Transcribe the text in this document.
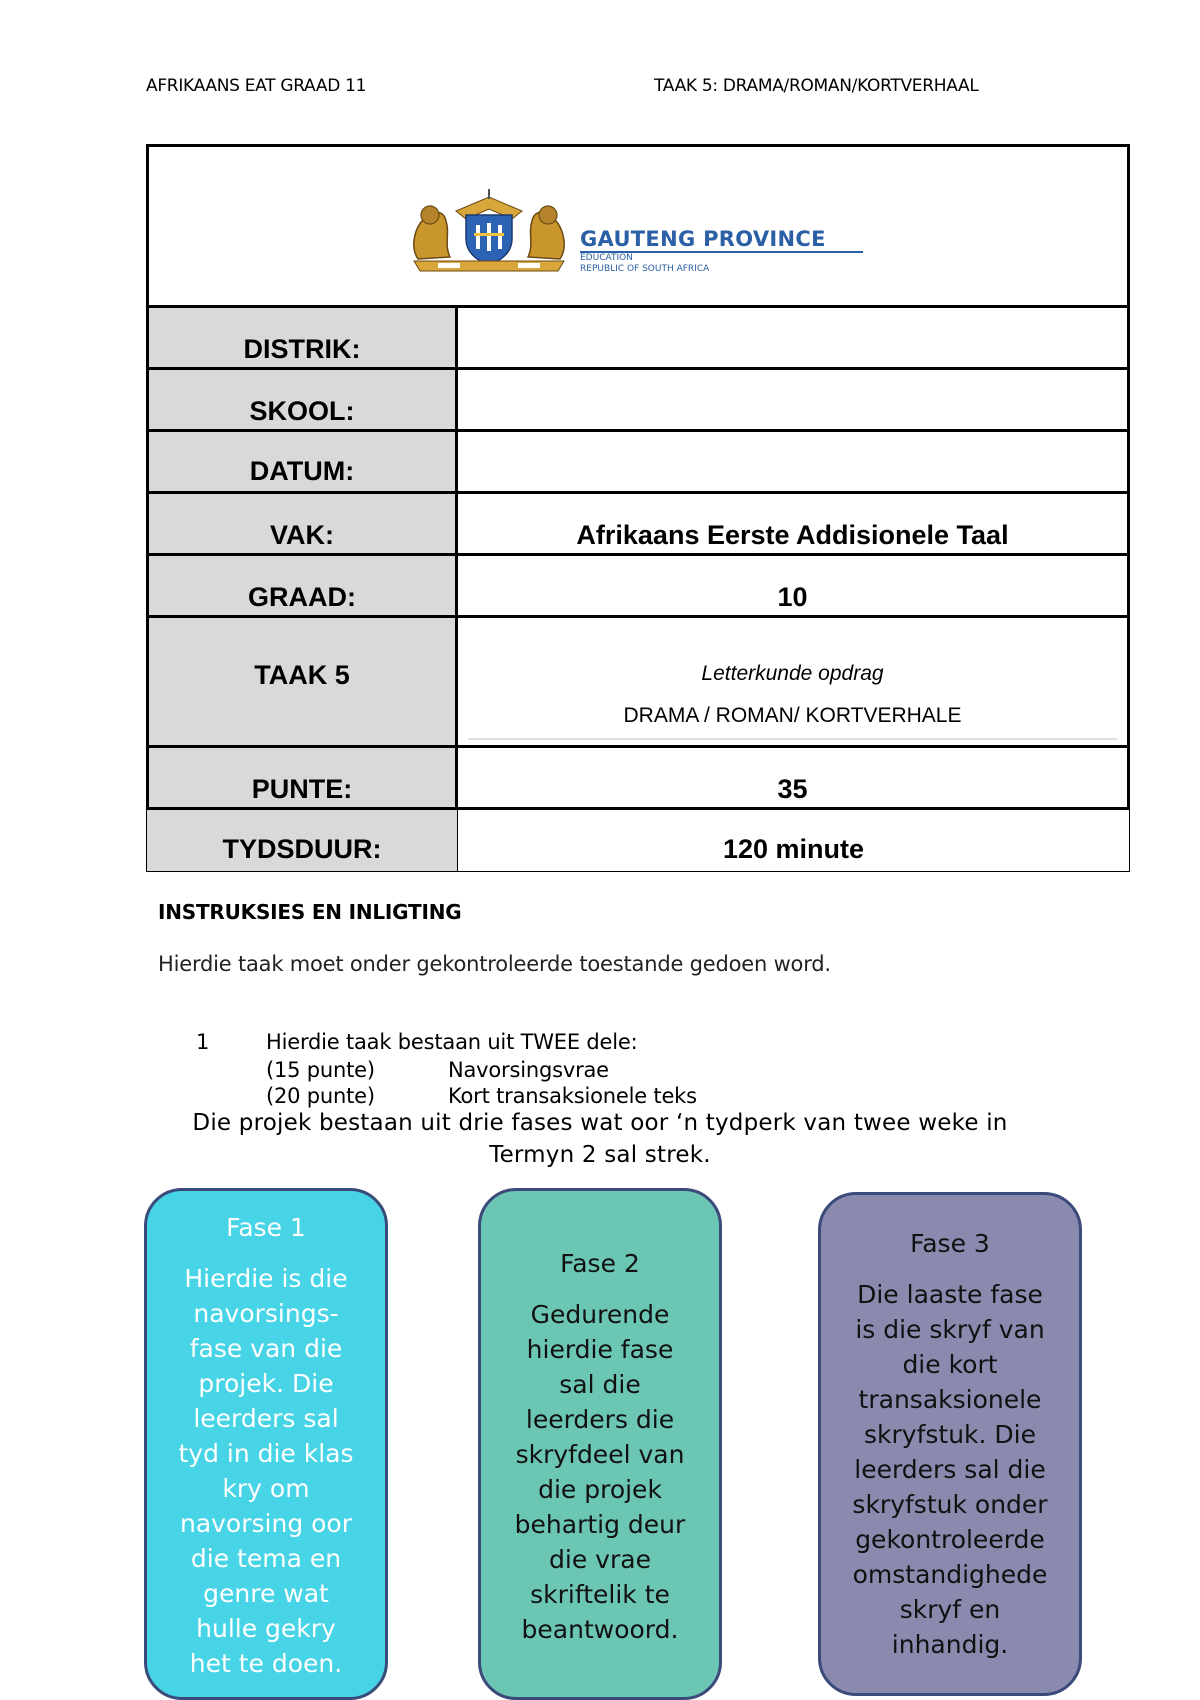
AFRIKAANS EAT GRAAD 11	TAAK 5: DRAMA/ROMAN/KORTVERHAAL
GAUTENG PROVINCE
EDUCATION
REPUBLIC OF SOUTH AFRICA
DISTRIK:
SKOOL:
DATUM:
VAK:	Afrikaans Eerste Addisionele Taal
GRAAD:	10
TAAK 5	Letterkunde opdrag
DRAMA / ROMAN/ KORTVERHALE
PUNTE:	35
TYDSDUUR:	120 minute
INSTRUKSIES EN INLIGTING
Hierdie taak moet onder gekontroleerde toestande gedoen word.
1	Hierdie taak bestaan uit TWEE dele:
(15 punte)	Navorsingsvrae
(20 punte)	Kort transaksionele teks
Die projek bestaan uit drie fases wat oor ‘n tydperk van twee weke in
Termyn 2 sal strek.
Fase 1
Hierdie is die navorsings-fase van die projek. Die leerders sal tyd in die klas kry om navorsing oor die tema en genre wat hulle gekry het te doen.
Fase 2
Gedurende hierdie fase sal die leerders die skryfdeel van die projek behartig deur die vrae skriftelik te beantwoord.
Fase 3
Die laaste fase is die skryf van die kort transaksionele skryfstuk. Die leerders sal die skryfstuk onder gekontroleerde omstandighede skryf en inhandig.
